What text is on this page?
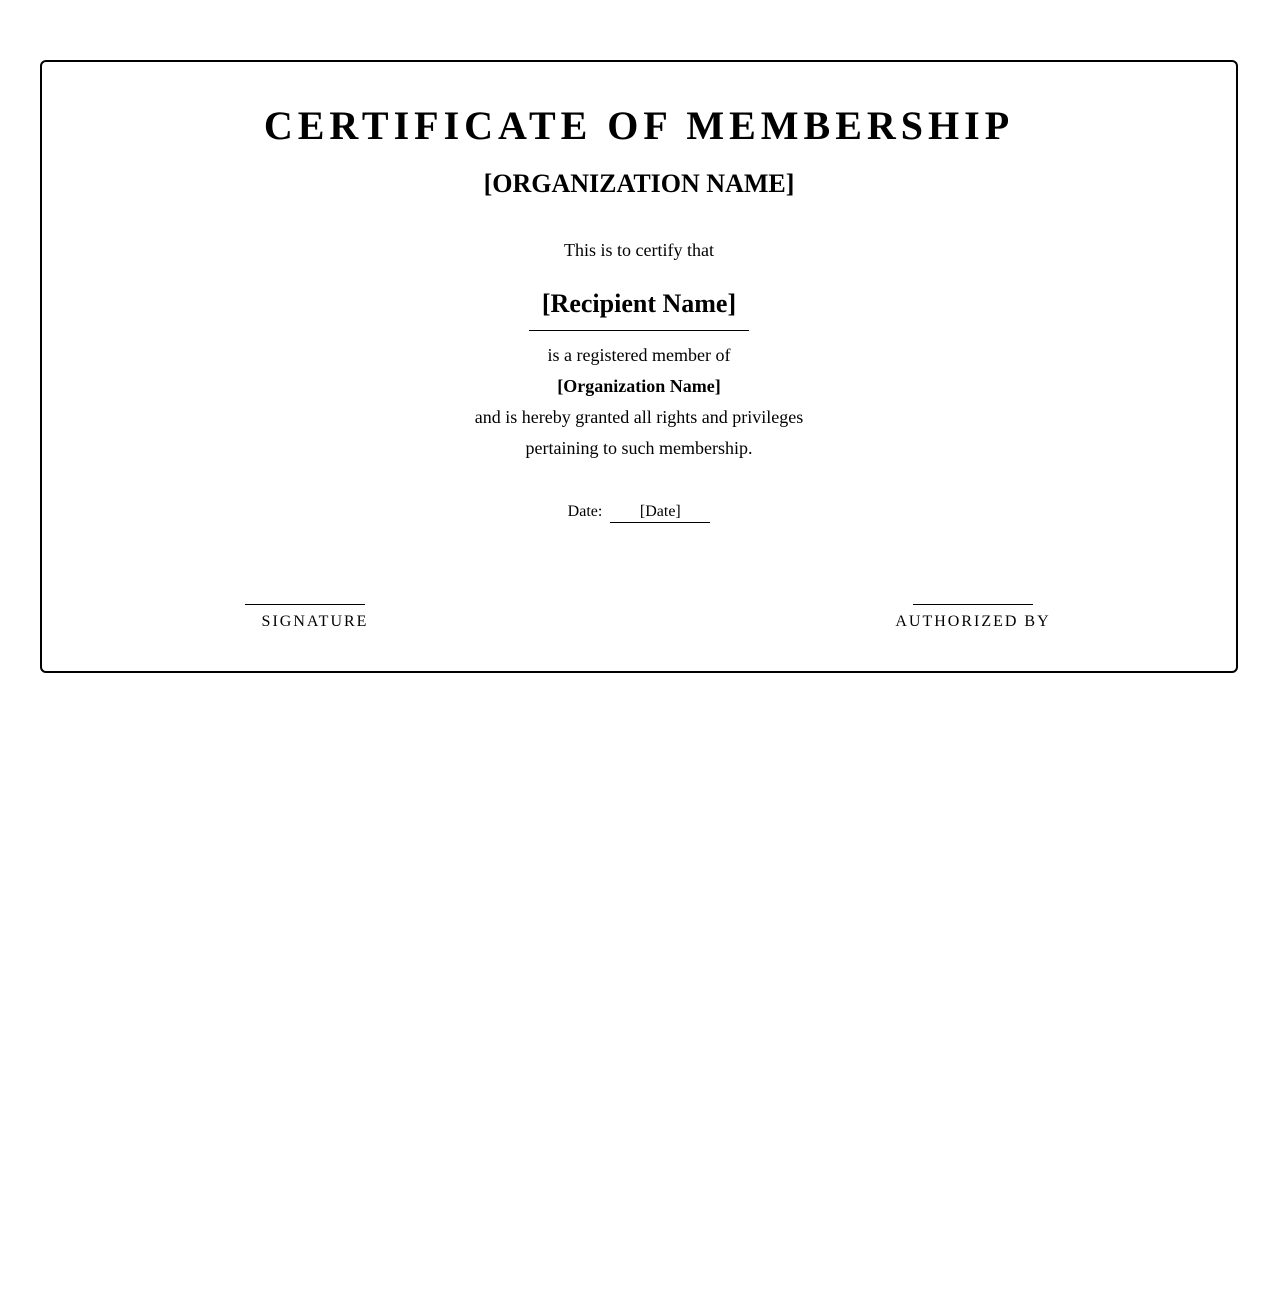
CERTIFICATE OF MEMBERSHIP
[ORGANIZATION NAME]
This is to certify that
[Recipient Name]
is a registered member of
[Organization Name]
and is hereby granted all rights and privileges
pertaining to such membership.
Date: [Date]
SIGNATURE	AUTHORIZED BY
